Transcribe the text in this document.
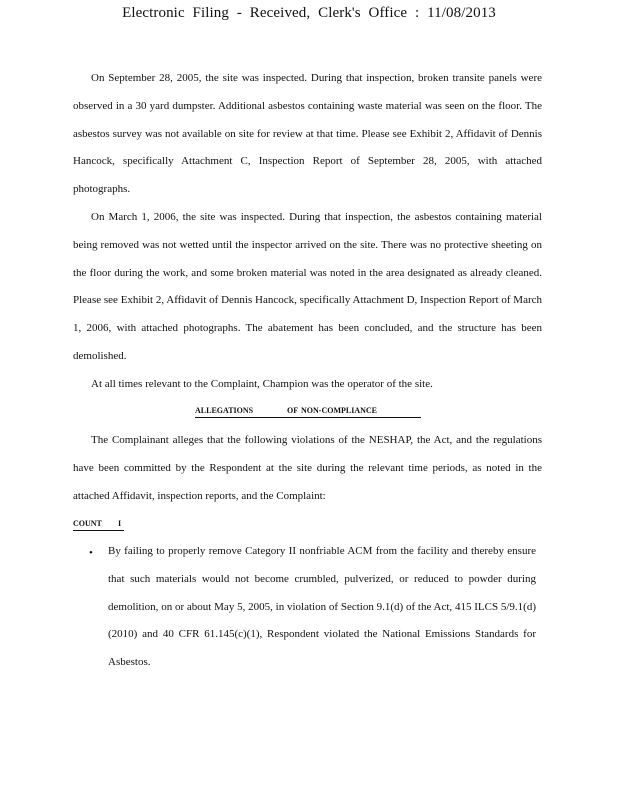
Electronic Filing - Received, Clerk's Office : 11/08/2013
On September 28, 2005, the site was inspected. During that inspection, broken transite panels were observed in a 30 yard dumpster. Additional asbestos containing waste material was seen on the floor. The asbestos survey was not available on site for review at that time. Please see Exhibit 2, Affidavit of Dennis Hancock, specifically Attachment C, Inspection Report of September 28, 2005, with attached photographs.
On March 1, 2006, the site was inspected. During that inspection, the asbestos containing material being removed was not wetted until the inspector arrived on the site. There was no protective sheeting on the floor during the work, and some broken material was noted in the area designated as already cleaned. Please see Exhibit 2, Affidavit of Dennis Hancock, specifically Attachment D, Inspection Report of March 1, 2006, with attached photographs. The abatement has been concluded, and the structure has been demolished.
At all times relevant to the Complaint, Champion was the operator of the site.
ALLEGATIONS	OF NON-COMPLIANCE

The Complainant alleges that the following violations of the NESHAP, the Act, and the regulations have been committed by the Respondent at the site during the relevant time periods, as noted in the attached Affidavit, inspection reports, and the Complaint:
COUNT I
• By failing to properly remove Category II nonfriable ACM from the facility and thereby ensure that such materials would not become crumbled, pulverized, or reduced to powder during demolition, on or about May 5, 2005, in violation of Section 9.1(d) of the Act, 415 ILCS 5/9.1(d)(2010) and 40 CFR 61.145(c)(1), Respondent violated the National Emissions Standards for Asbestos.
